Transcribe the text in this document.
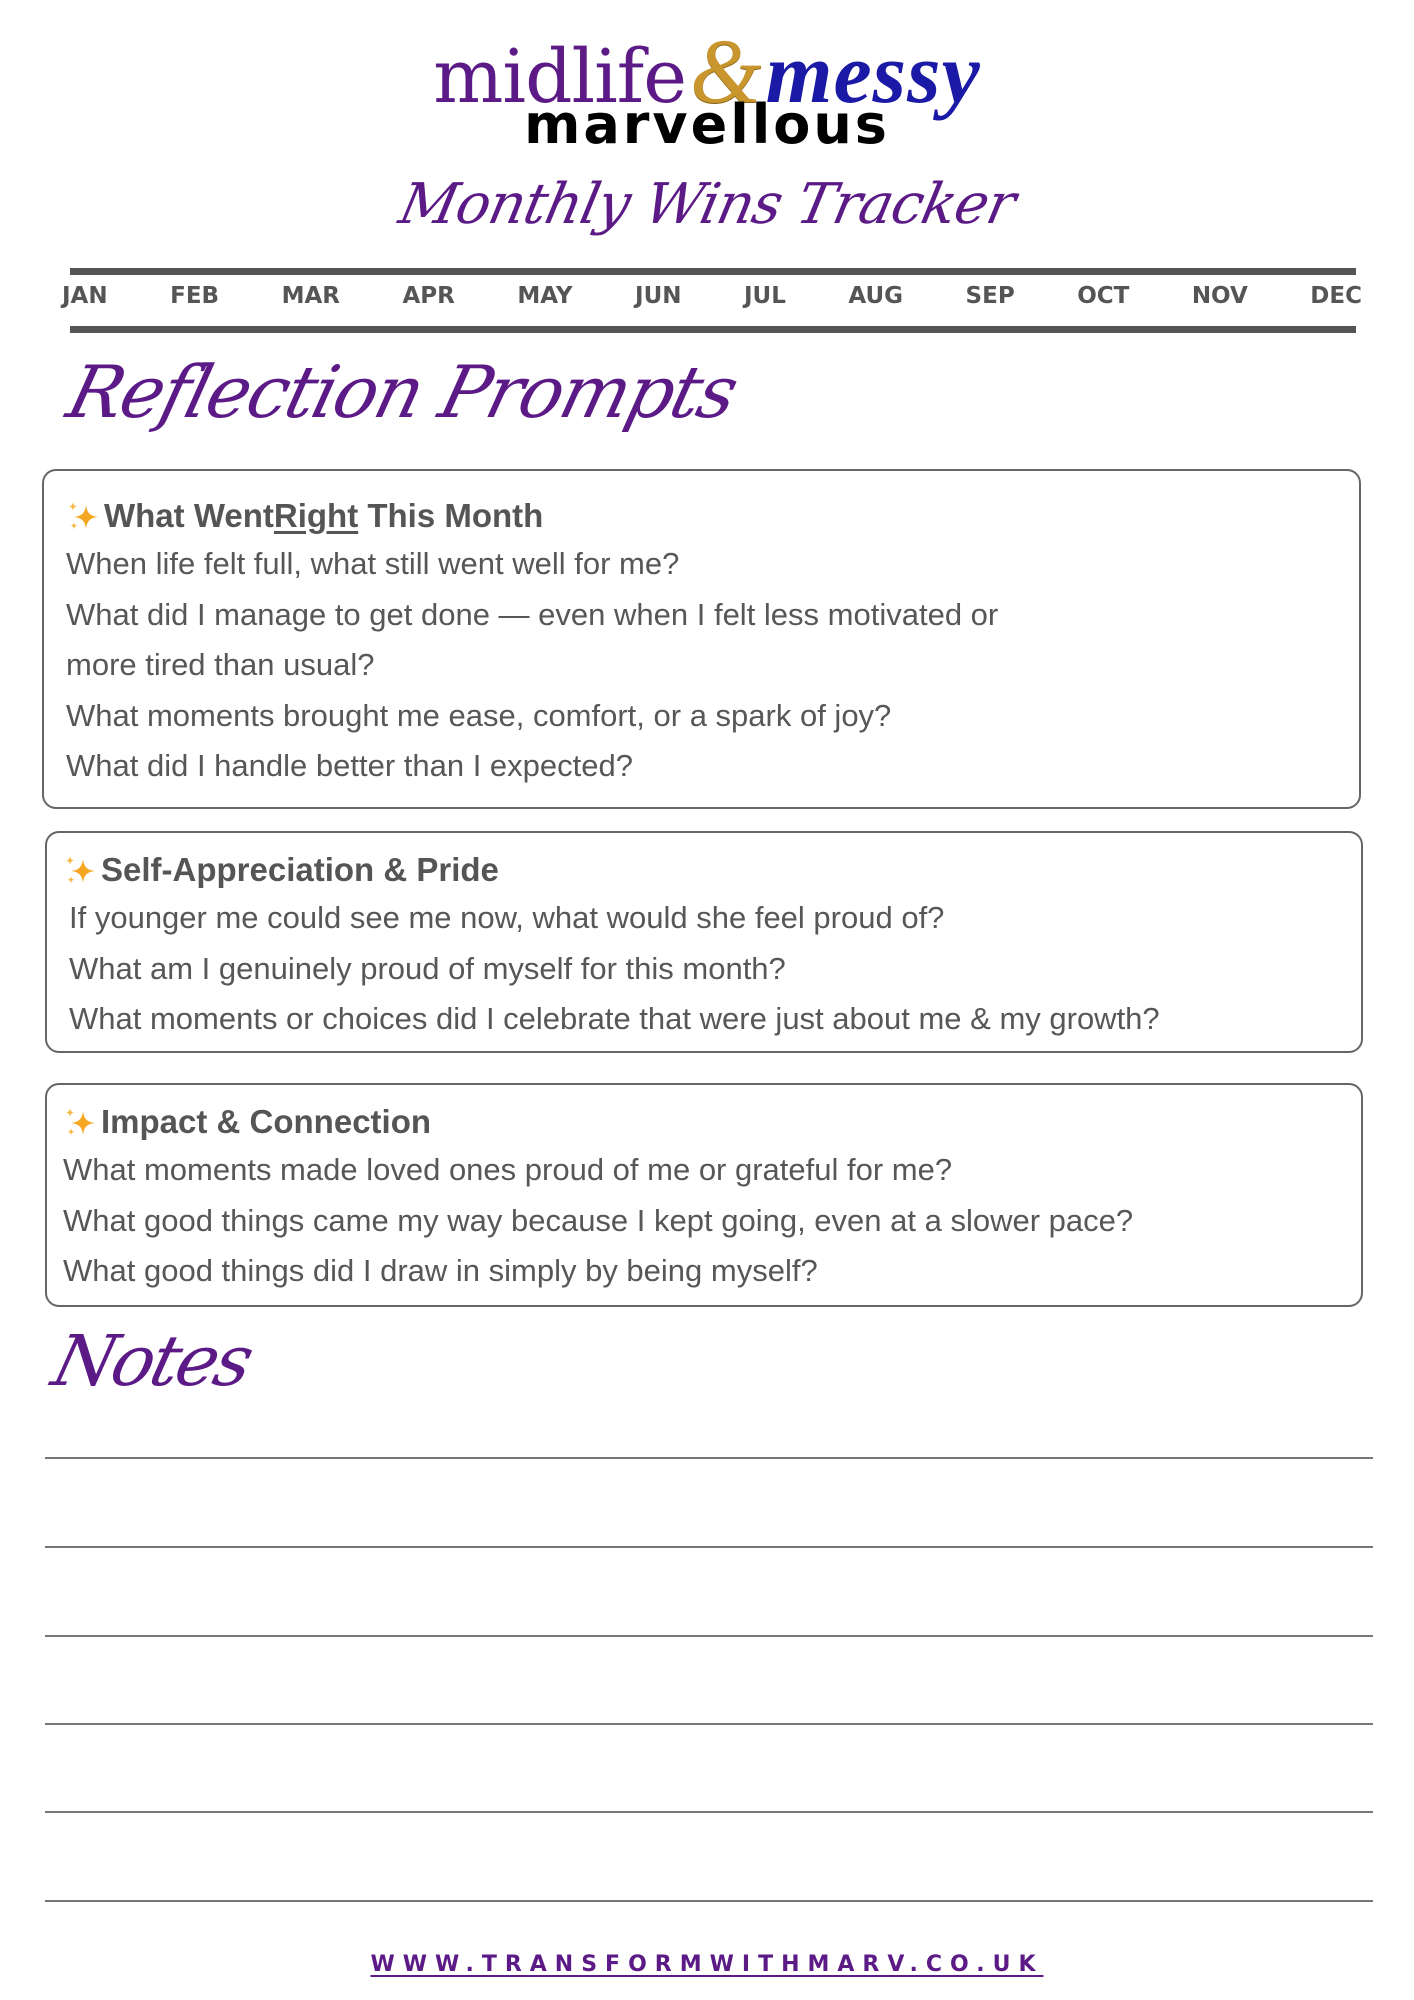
midlife&messy
marvellous
Monthly Wins Tracker
JAN	FEB	MAR	APR	MAY	JUN	JUL	AUG	SEP	OCT	NOV	DEC
Reflection Prompts
What Went Right This Month
When life felt full, what still went well for me?
What did I manage to get done — even when I felt less motivated or
more tired than usual?
What moments brought me ease, comfort, or a spark of joy?
What did I handle better than I expected?
Self-Appreciation & Pride
If younger me could see me now, what would she feel proud of?
What am I genuinely proud of myself for this month?
What moments or choices did I celebrate that were just about me & my growth?
Impact & Connection
What moments made loved ones proud of me or grateful for me?
What good things came my way because I kept going, even at a slower pace?
What good things did I draw in simply by being myself?
Notes
WWW.TRANSFORMWITHMARV.CO.UK
